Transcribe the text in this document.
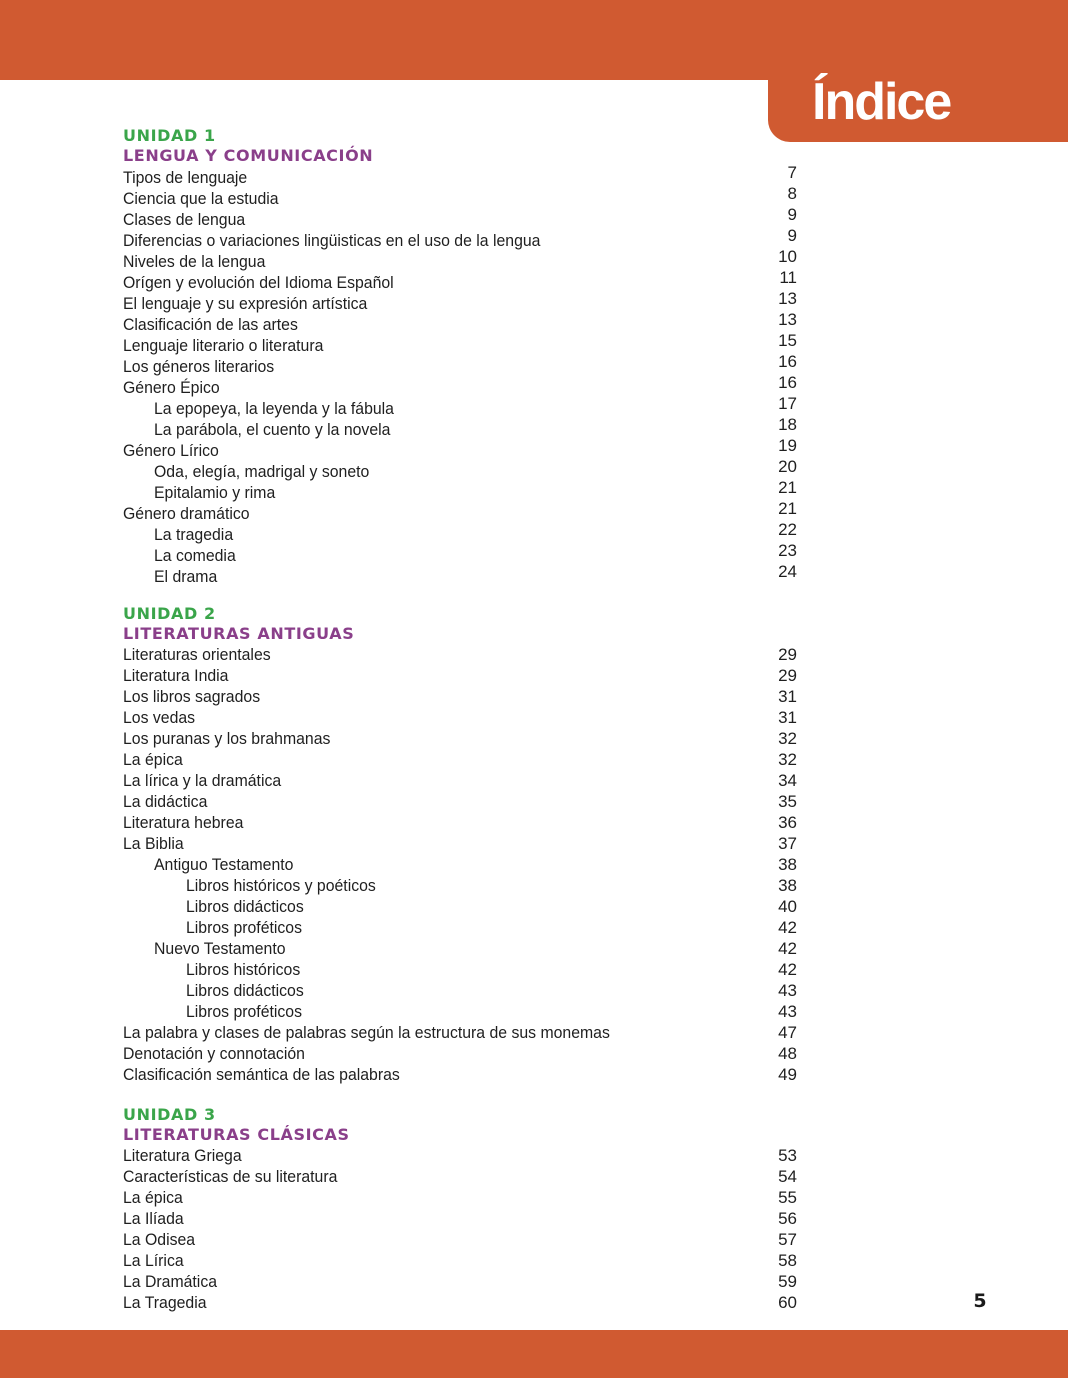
Índice
UNIDAD 1
LENGUA Y COMUNICACIÓN
Tipos de lenguaje
Ciencia que la estudia
Clases de lengua
Diferencias o variaciones lingüisticas en el uso de la lengua
Niveles de la lengua
Orígen y evolución del Idioma Español
El lenguaje y su expresión artística
Clasificación de las artes
Lenguaje literario o literatura
Los géneros literarios
Género Épico
La epopeya, la leyenda y la fábula
La parábola, el cuento y la novela
Género Lírico
Oda, elegía, madrigal y soneto
Epitalamio y rima
Género dramático
La tragedia
La comedia
El drama
7
8
9
9
10
11
13
13
15
16
16
17
18
19
20
21
21
22
23
24
UNIDAD 2
LITERATURAS ANTIGUAS
Literaturas orientales
Literatura India
Los libros sagrados
Los vedas
Los puranas y los brahmanas
La épica
La lírica y la dramática
La didáctica
Literatura hebrea
La Biblia
Antiguo Testamento
Libros históricos y poéticos
Libros didácticos
Libros proféticos
Nuevo Testamento
Libros históricos
Libros didácticos
Libros proféticos
La palabra y clases de palabras según la estructura de sus monemas
Denotación y connotación
Clasificación semántica de las palabras
29
29
31
31
32
32
34
35
36
37
38
38
40
42
42
42
43
43
47
48
49
UNIDAD 3
LITERATURAS CLÁSICAS
Literatura Griega
Características de su literatura
La épica
La Ilíada
La Odisea
La Lírica
La Dramática
La Tragedia
53
54
55
56
57
58
59
60	5
